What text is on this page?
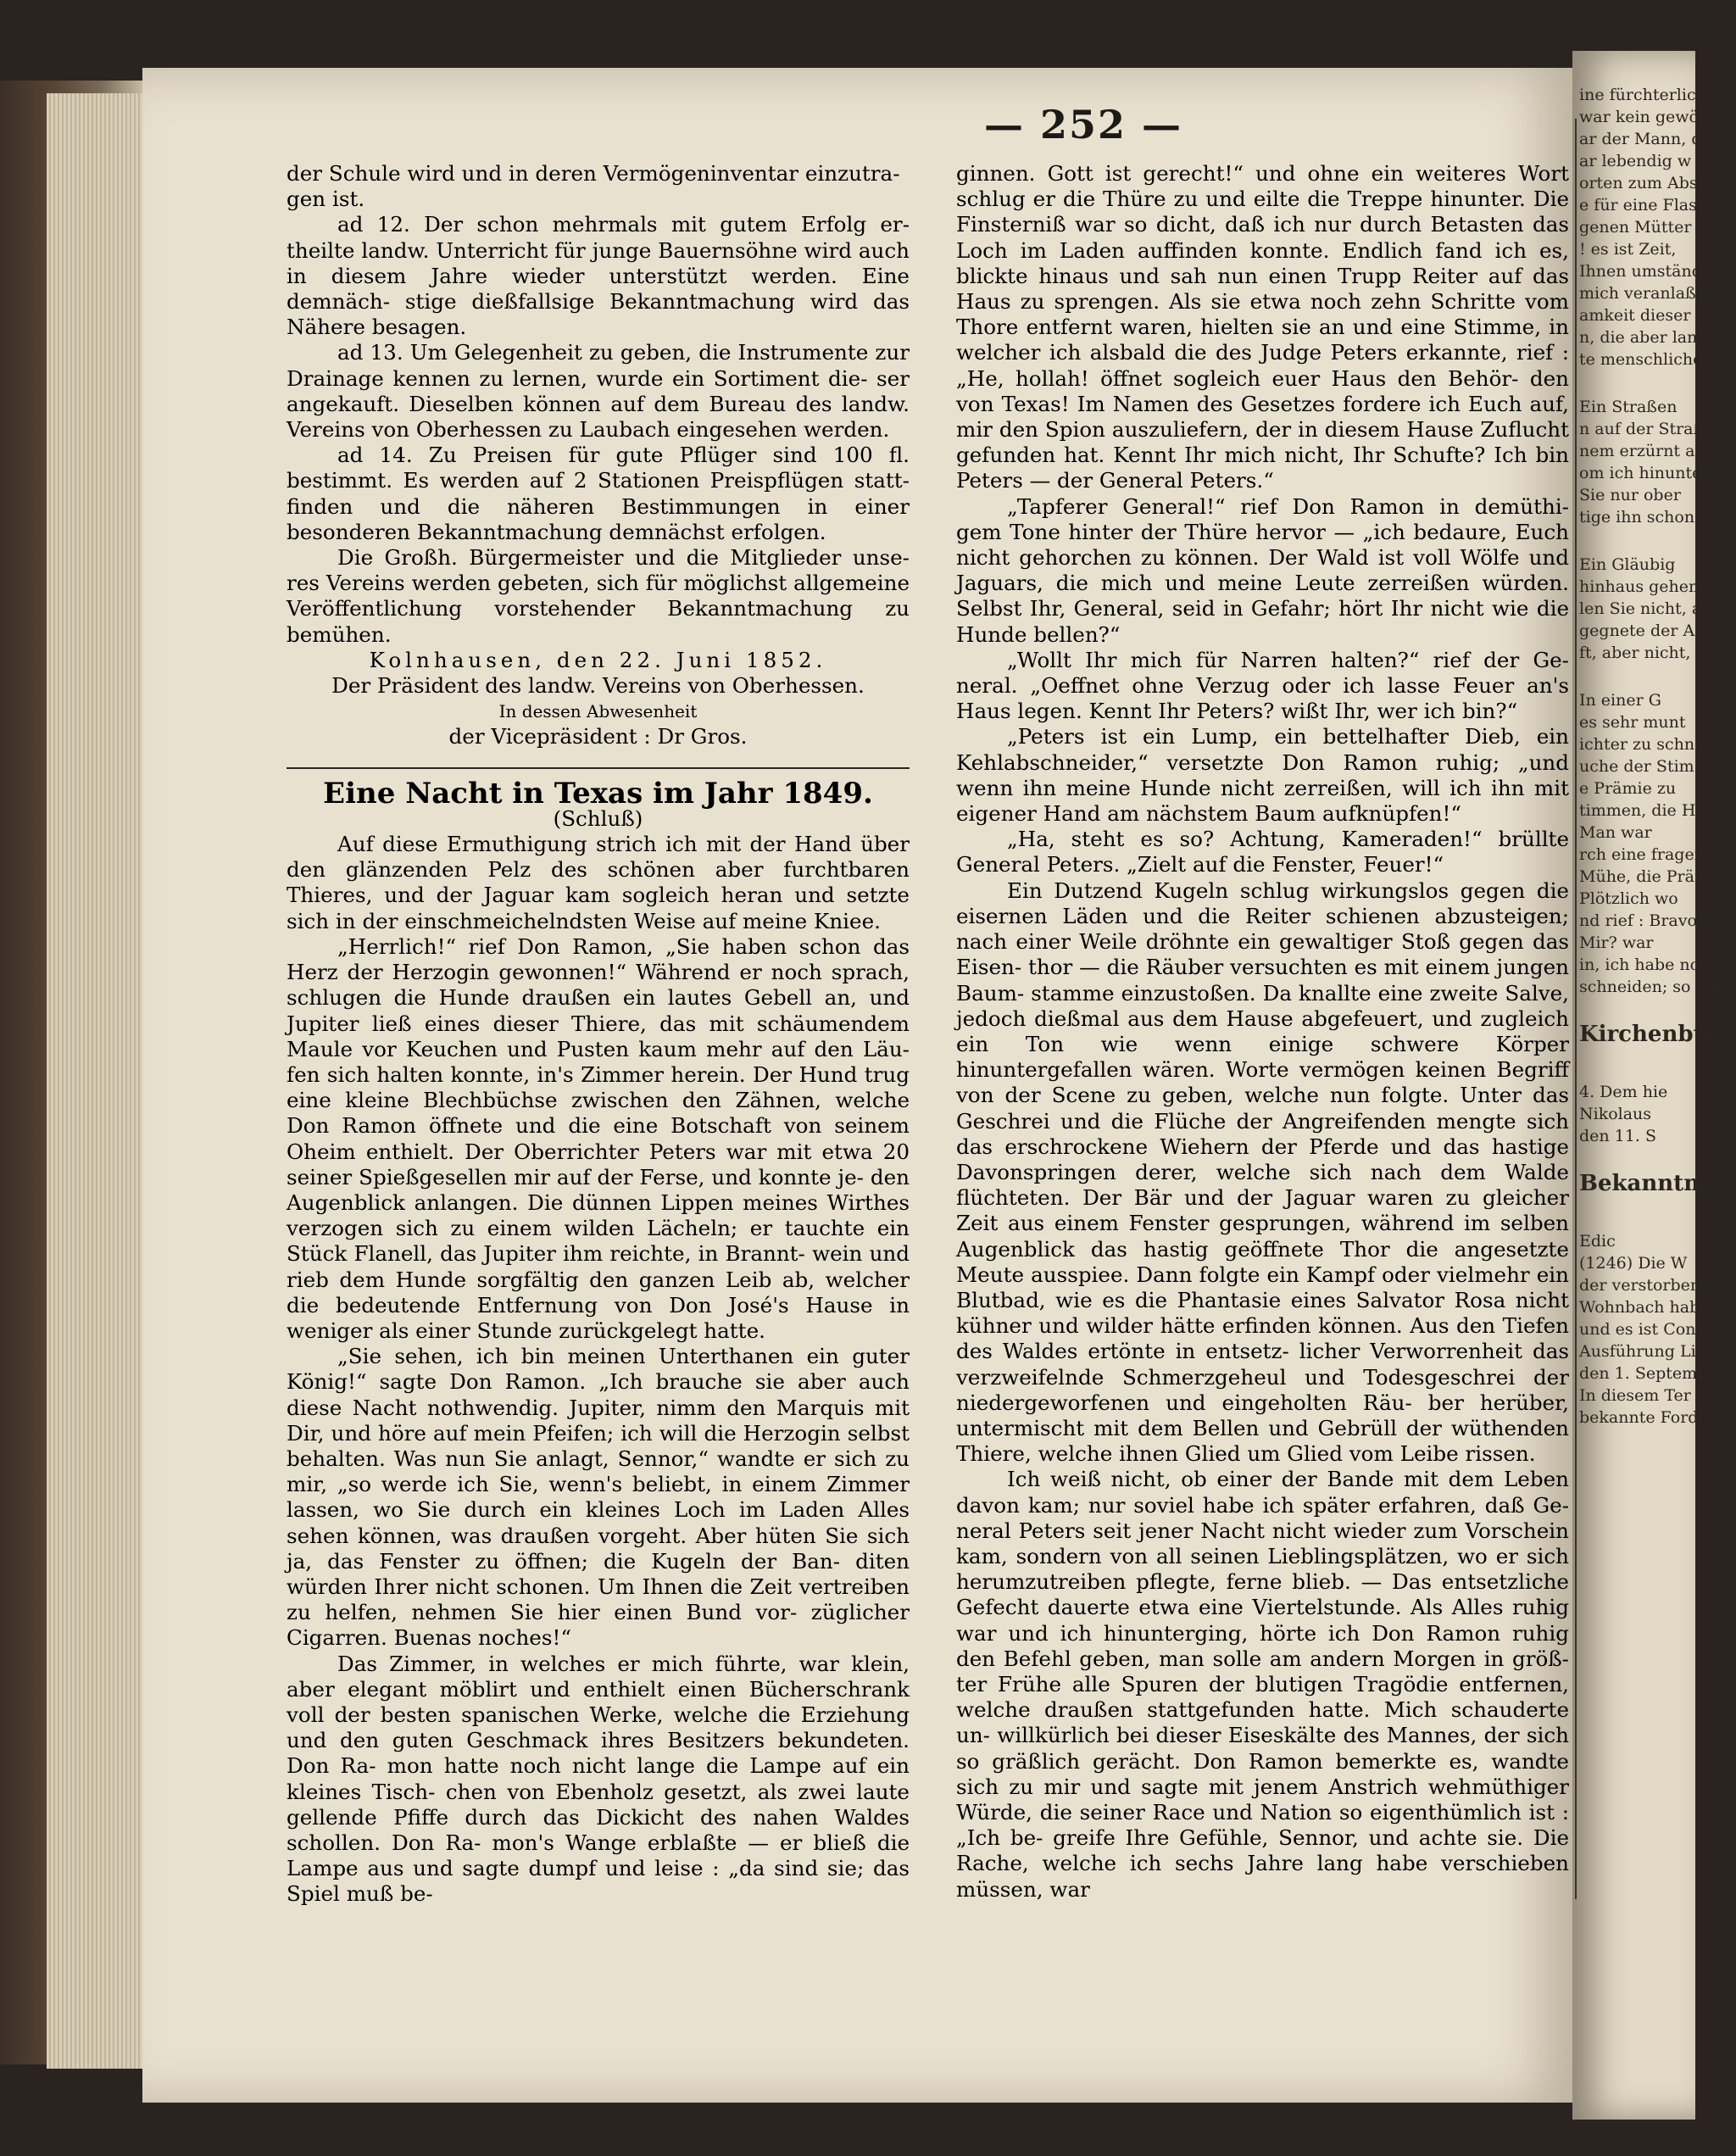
— 252 —
ine fürchterliche,
war kein gewöhnl
ar der Mann, de
ar lebendig w
orten zum Absch
e für eine Flas
genen Mütter e
! es ist Zeit,
Ihnen umständ
mich veranlaß
amkeit dieser
n, die aber lan
te menschlichen
Ein Straßen
n auf der Straß
nem erzürnt aus
om ich hinunter
Sie nur ober
tige ihn schon
Ein Gläubig
hinhaus gehen,
len Sie nicht, a
gegnete der And
ft, aber nicht,
In einer G
es sehr munt
ichter zu schne
uche der Stim
e Prämie zu
timmen, die H
Man war
rch eine fragen
Mühe, die Prämi
Plötzlich wo
nd rief : Bravo
Mir? war
in, ich habe no
schneiden; so seh
Kirchenbu
4. Dem hie
Nikolaus
den 11. S
Bekanntma
Edic
(1246) Die W
der verstorbenen
Wohnbach haben
und es ist Concurs
Ausführung Liqui
den 1. September
In diesem Ter
bekannte Forderun

der Schule wird und in deren Vermögeninventar einzutra-

gen ist.

ad 12. Der schon mehrmals mit gutem Erfolg er- theilte landw. Unterricht für junge Bauernsöhne wird auch in diesem Jahre wieder unterstützt werden. Eine demnäch- stige dießfallsige Bekanntmachung wird das Nähere besagen.

ad 13. Um Gelegenheit zu geben, die Instrumente zur Drainage kennen zu lernen, wurde ein Sortiment die- ser angekauft. Dieselben können auf dem Bureau des landw. Vereins von Oberhessen zu Laubach eingesehen werden.

ad 14. Zu Preisen für gute Pflüger sind 100 fl. bestimmt. Es werden auf 2 Stationen Preispflügen statt- finden und die näheren Bestimmungen in einer besonderen Bekanntmachung demnächst erfolgen.

Die Großh. Bürgermeister und die Mitglieder unse- res Vereins werden gebeten, sich für möglichst allgemeine Veröffentlichung vorstehender Bekanntmachung zu bemühen.

Kolnhausen, den 22. Juni 1852.

Der Präsident des landw. Vereins von Oberhessen.

In dessen Abwesenheit

der Vicepräsident : Dr Gros.

Eine Nacht in Texas im Jahr 1849.

(Schluß)

Auf diese Ermuthigung strich ich mit der Hand über den glänzenden Pelz des schönen aber furchtbaren Thieres, und der Jaguar kam sogleich heran und setzte sich in der einschmeichelndsten Weise auf meine Kniee.

„Herrlich!“ rief Don Ramon, „Sie haben schon das Herz der Herzogin gewonnen!“ Während er noch sprach, schlugen die Hunde draußen ein lautes Gebell an, und Jupiter ließ eines dieser Thiere, das mit schäumendem Maule vor Keuchen und Pusten kaum mehr auf den Läu- fen sich halten konnte, in's Zimmer herein. Der Hund trug eine kleine Blechbüchse zwischen den Zähnen, welche Don Ramon öffnete und die eine Botschaft von seinem Oheim enthielt. Der Oberrichter Peters war mit etwa 20 seiner Spießgesellen mir auf der Ferse, und konnte je- den Augenblick anlangen. Die dünnen Lippen meines Wirthes verzogen sich zu einem wilden Lächeln; er tauchte ein Stück Flanell, das Jupiter ihm reichte, in Brannt- wein und rieb dem Hunde sorgfältig den ganzen Leib ab, welcher die bedeutende Entfernung von Don José's Hause in weniger als einer Stunde zurückgelegt hatte.

„Sie sehen, ich bin meinen Unterthanen ein guter König!“ sagte Don Ramon. „Ich brauche sie aber auch diese Nacht nothwendig. Jupiter, nimm den Marquis mit Dir, und höre auf mein Pfeifen; ich will die Herzogin selbst behalten. Was nun Sie anlagt, Sennor,“ wandte er sich zu mir, „so werde ich Sie, wenn's beliebt, in einem Zimmer lassen, wo Sie durch ein kleines Loch im Laden Alles sehen können, was draußen vorgeht. Aber hüten Sie sich ja, das Fenster zu öffnen; die Kugeln der Ban- diten würden Ihrer nicht schonen. Um Ihnen die Zeit vertreiben zu helfen, nehmen Sie hier einen Bund vor- züglicher Cigarren. Buenas noches!“

Das Zimmer, in welches er mich führte, war klein, aber elegant möblirt und enthielt einen Bücherschrank voll der besten spanischen Werke, welche die Erziehung und den guten Geschmack ihres Besitzers bekundeten. Don Ra- mon hatte noch nicht lange die Lampe auf ein kleines Tisch- chen von Ebenholz gesetzt, als zwei laute gellende Pfiffe durch das Dickicht des nahen Waldes schollen. Don Ra- mon's Wange erblaßte — er bließ die Lampe aus und sagte dumpf und leise : „da sind sie; das Spiel muß be-

ginnen. Gott ist gerecht!“ und ohne ein weiteres Wort schlug er die Thüre zu und eilte die Treppe hinunter. Die Finsterniß war so dicht, daß ich nur durch Betasten das Loch im Laden auffinden konnte. Endlich fand ich es, blickte hinaus und sah nun einen Trupp Reiter auf das Haus zu sprengen. Als sie etwa noch zehn Schritte vom Thore entfernt waren, hielten sie an und eine Stimme, in welcher ich alsbald die des Judge Peters erkannte, rief : „He, hollah! öffnet sogleich euer Haus den Behör- den von Texas! Im Namen des Gesetzes fordere ich Euch auf, mir den Spion auszuliefern, der in diesem Hause Zuflucht gefunden hat. Kennt Ihr mich nicht, Ihr Schufte? Ich bin Peters — der General Peters.“

„Tapferer General!“ rief Don Ramon in demüthi- gem Tone hinter der Thüre hervor — „ich bedaure, Euch nicht gehorchen zu können. Der Wald ist voll Wölfe und Jaguars, die mich und meine Leute zerreißen würden. Selbst Ihr, General, seid in Gefahr; hört Ihr nicht wie die Hunde bellen?“

„Wollt Ihr mich für Narren halten?“ rief der Ge- neral. „Oeffnet ohne Verzug oder ich lasse Feuer an's Haus legen. Kennt Ihr Peters? wißt Ihr, wer ich bin?“

„Peters ist ein Lump, ein bettelhafter Dieb, ein Kehlabschneider,“ versetzte Don Ramon ruhig; „und wenn ihn meine Hunde nicht zerreißen, will ich ihn mit eigener Hand am nächstem Baum aufknüpfen!“

„Ha, steht es so? Achtung, Kameraden!“ brüllte General Peters. „Zielt auf die Fenster, Feuer!“

Ein Dutzend Kugeln schlug wirkungslos gegen die eisernen Läden und die Reiter schienen abzusteigen; nach einer Weile dröhnte ein gewaltiger Stoß gegen das Eisen- thor — die Räuber versuchten es mit einem jungen Baum- stamme einzustoßen. Da knallte eine zweite Salve, jedoch dießmal aus dem Hause abgefeuert, und zugleich ein Ton wie wenn einige schwere Körper hinuntergefallen wären. Worte vermögen keinen Begriff von der Scene zu geben, welche nun folgte. Unter das Geschrei und die Flüche der Angreifenden mengte sich das erschrockene Wiehern der Pferde und das hastige Davonspringen derer, welche sich nach dem Walde flüchteten. Der Bär und der Jaguar waren zu gleicher Zeit aus einem Fenster gesprungen, während im selben Augenblick das hastig geöffnete Thor die angesetzte Meute ausspiee. Dann folgte ein Kampf oder vielmehr ein Blutbad, wie es die Phantasie eines Salvator Rosa nicht kühner und wilder hätte erfinden können. Aus den Tiefen des Waldes ertönte in entsetz- licher Verworrenheit das verzweifelnde Schmerzgeheul und Todesgeschrei der niedergeworfenen und eingeholten Räu- ber herüber, untermischt mit dem Bellen und Gebrüll der wüthenden Thiere, welche ihnen Glied um Glied vom Leibe rissen.

Ich weiß nicht, ob einer der Bande mit dem Leben davon kam; nur soviel habe ich später erfahren, daß Ge- neral Peters seit jener Nacht nicht wieder zum Vorschein kam, sondern von all seinen Lieblingsplätzen, wo er sich herumzutreiben pflegte, ferne blieb. — Das entsetzliche Gefecht dauerte etwa eine Viertelstunde. Als Alles ruhig war und ich hinunterging, hörte ich Don Ramon ruhig den Befehl geben, man solle am andern Morgen in größ- ter Frühe alle Spuren der blutigen Tragödie entfernen, welche draußen stattgefunden hatte. Mich schauderte un- willkürlich bei dieser Eiseskälte des Mannes, der sich so gräßlich gerächt. Don Ramon bemerkte es, wandte sich zu mir und sagte mit jenem Anstrich wehmüthiger Würde, die seiner Race und Nation so eigenthümlich ist : „Ich be- greife Ihre Gefühle, Sennor, und achte sie. Die Rache, welche ich sechs Jahre lang habe verschieben müssen, war
